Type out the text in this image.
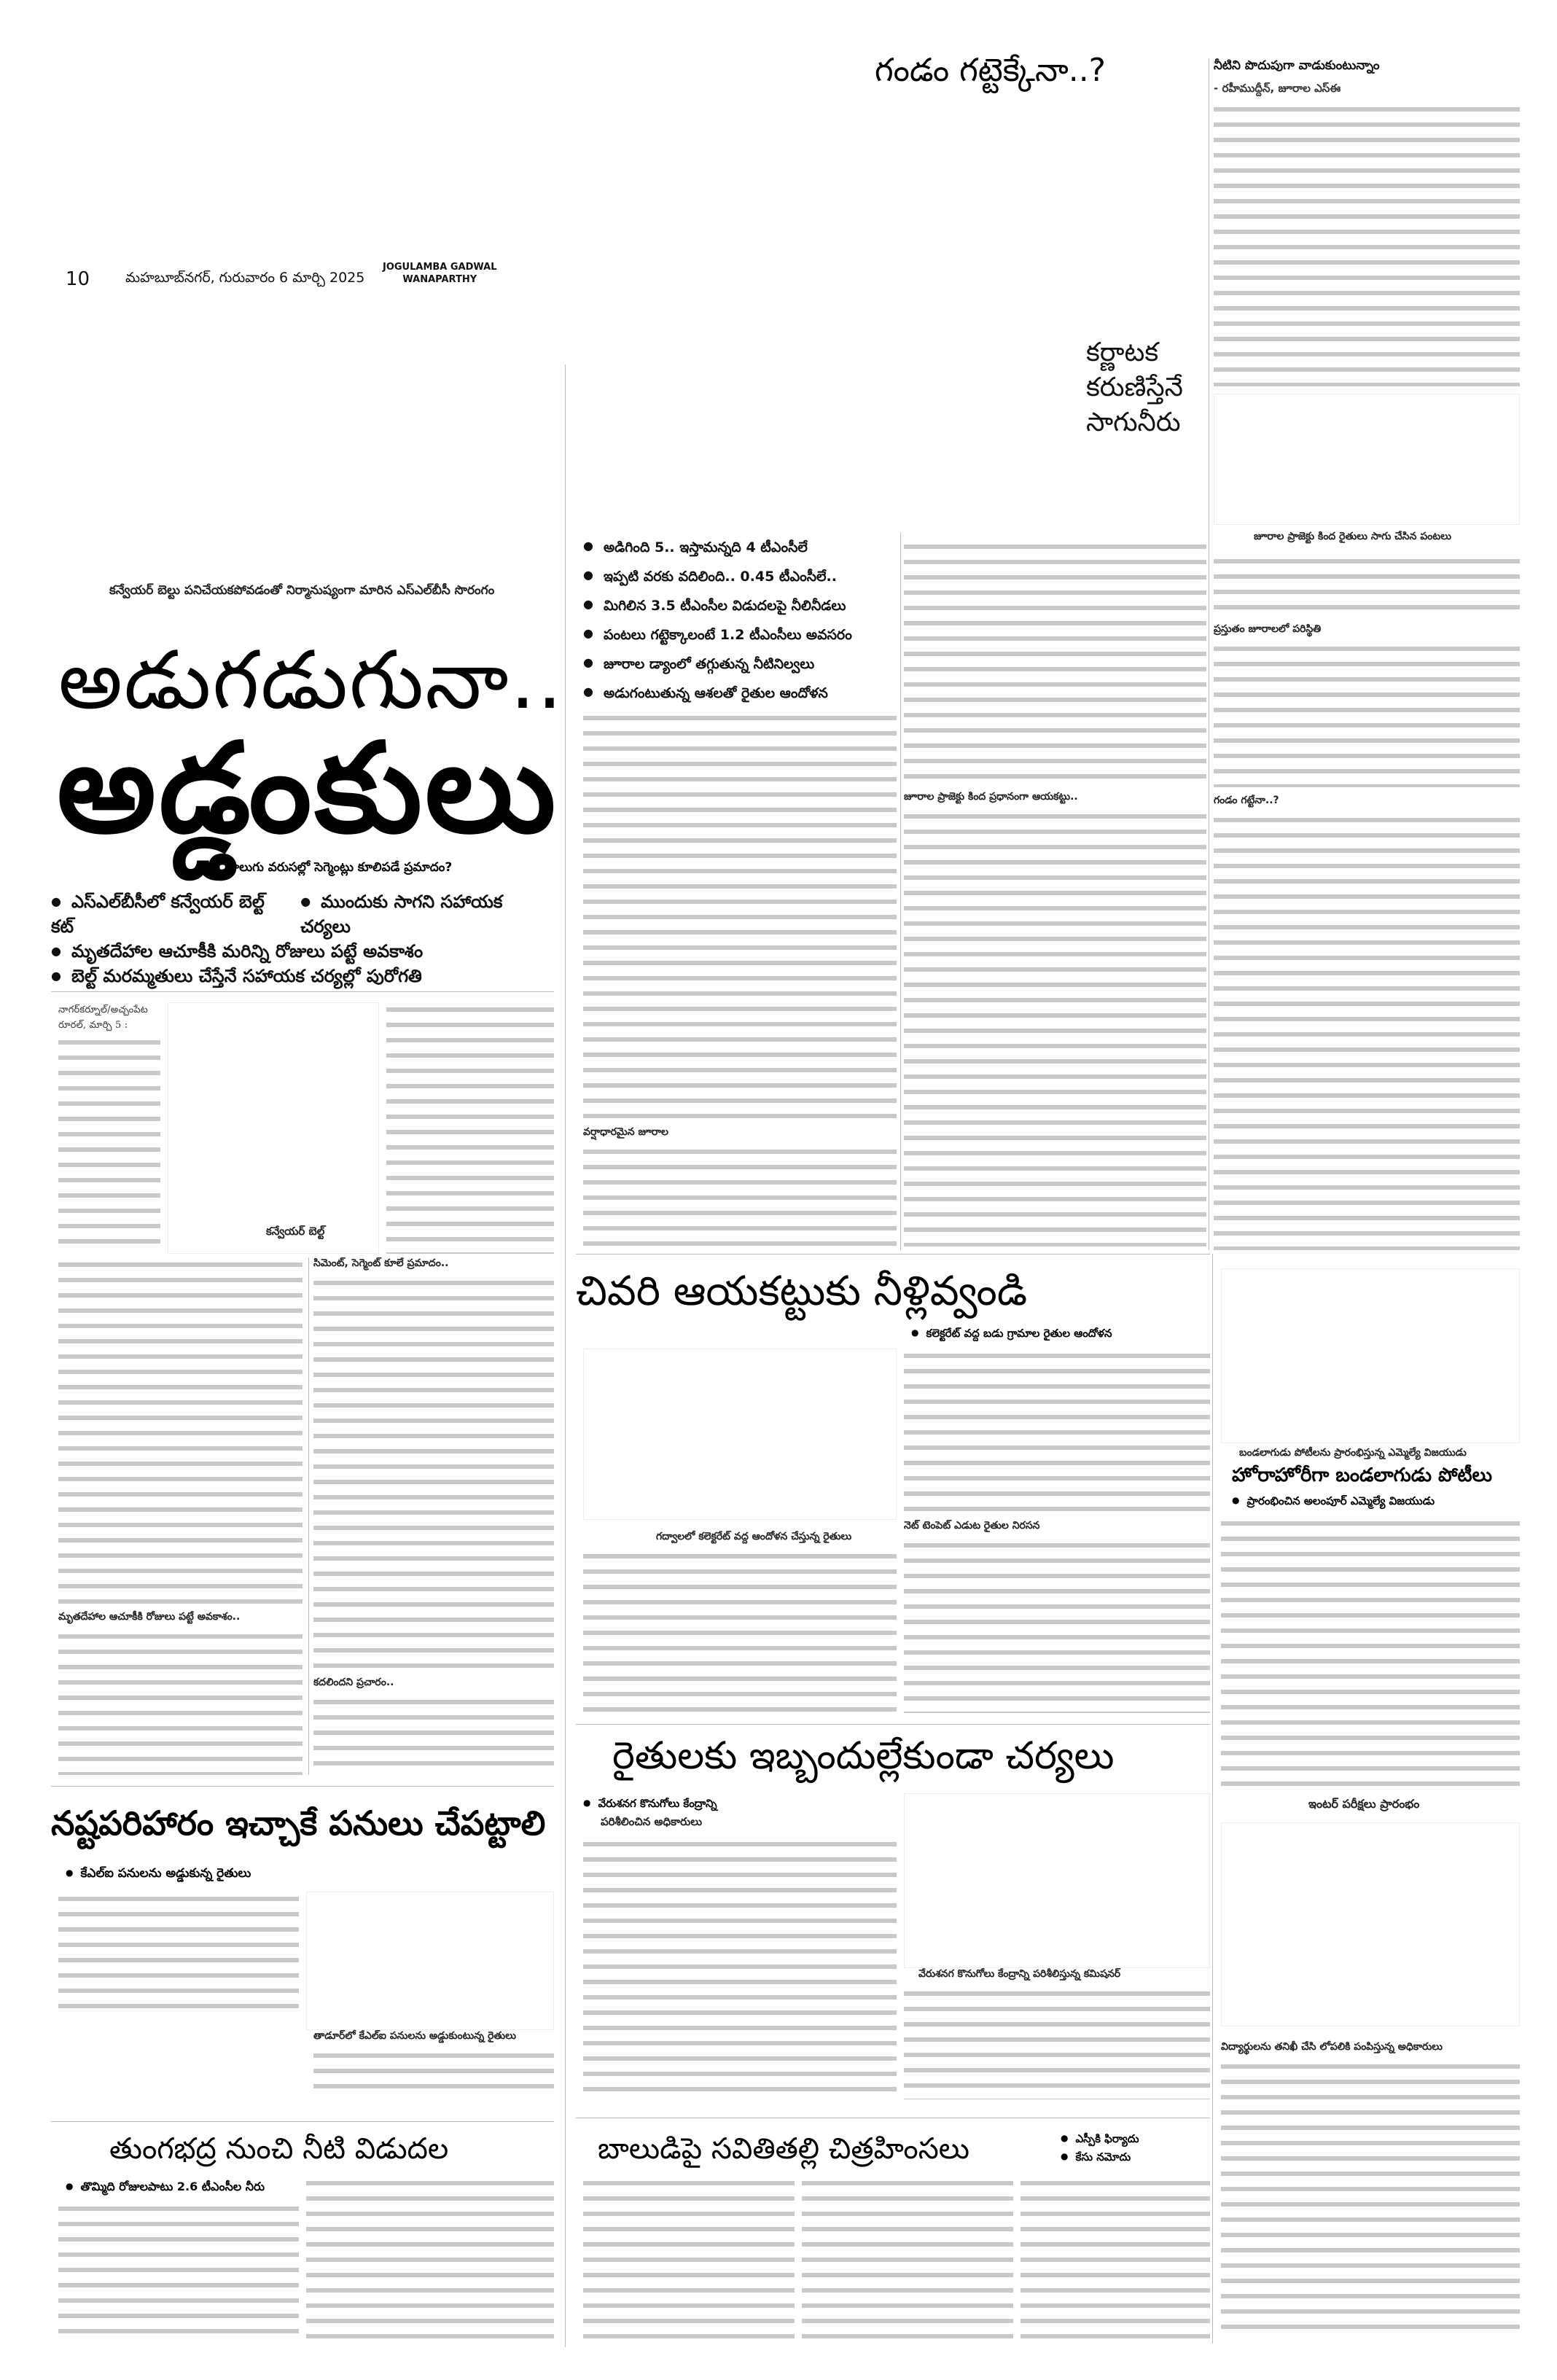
10	మహబూబ్‌నగర్, గురువారం 6 మార్చి 2025
JOGULAMBA GADWAL
WANAPARTHY
కన్వేయర్ బెల్టు పనిచేయకపోవడంతో నిర్మానుష్యంగా మారిన ఎస్ఎల్‌బీసీ సొరంగం
అడుగడుగునా..
అడ్డంకులు
● నాలుగు వరుసల్లో సెగ్మెంట్లు కూలిపడే ప్రమాదం?
● ఎస్ఎల్‌బీసీలో కన్వేయర్ బెల్ట్ కట్
● ముందుకు సాగని సహాయక చర్యలు
● మృతదేహాల ఆచూకీకి మరిన్ని రోజులు పట్టే అవకాశం
● బెల్ట్ మరమ్మతులు చేస్తేనే సహాయక చర్యల్లో పురోగతి
నాగర్‌కర్నూల్/అచ్చంపేట రూరల్, మార్చి 5 :
కన్వేయర్ బెల్ట్
సిమెంట్, సెగ్మెంట్ కూలే ప్రమాదం..
మృతదేహాల ఆచూకీకి రోజులు పట్టే అవకాశం..
కదలిందని ప్రచారం..
నష్టపరిహారం ఇచ్చాకే పనులు చేపట్టాలి
● కేఎల్ఐ పనులను అడ్డుకున్న రైతులు
తాడూర్‌లో కేఎల్ఐ పనులను అడ్డుకుంటున్న రైతులు
తుంగభద్ర నుంచి నీటి విడుదల
● తొమ్మిది రోజులపాటు 2.6 టీఎంసీల నీరు
గండం గట్టెక్కేనా..?	నీటిని పొదుపుగా వాడుకుంటున్నాం
- రహీముద్దీన్, జూరాల ఎస్ఈ
కర్ణాటక
కరుణిస్తేనే
సాగునీరు
జూరాల ప్రాజెక్టు కింద రైతులు సాగు చేసిన పంటలు
● అడిగింది 5.. ఇస్తామన్నది 4 టీఎంసీలే
● ఇప్పటి వరకు వదిలింది.. 0.45 టీఎంసీలే..
● మిగిలిన 3.5 టీఎంసీల విడుదలపై నీలినీడలు
● పంటలు గట్టెక్కాలంటే 1.2 టీఎంసీలు అవసరం
● జూరాల డ్యాంలో తగ్గుతున్న నీటినిల్వలు
● అడుగంటుతున్న ఆశలతో రైతుల ఆందోళన
జూరాల ప్రాజెక్టు కింద ప్రధానంగా ఆయకట్టు..
వర్షాధారమైన జూరాల
ప్రస్తుతం జూరాలలో పరిస్థితి
గండం గట్టేనా..?
చివరి ఆయకట్టుకు నీళ్లివ్వండి
● కలెక్టరేట్ వద్ద బడు గ్రామాల రైతుల ఆందోళన
గద్వాలలో కలెక్టరేట్ వద్ద ఆందోళన చేస్తున్న రైతులు
నెట్ టెంపెట్ ఎడుట రైతుల నిరసన
రైతులకు ఇబ్బందుల్లేకుండా చర్యలు
● వేరుశనగ కొనుగోలు కేంద్రాన్ని
పరిశీలించిన అధికారులు
వేరుశనగ కొనుగోలు కేంద్రాన్ని పరిశీలిస్తున్న కమిషనర్
బాలుడిపై సవితితల్లి చిత్రహింసలు
●	ఎస్పీకి ఫిర్యాదు
● కేసు నమోదు
బండలాగుడు పోటీలను ప్రారంభిస్తున్న ఎమ్మెల్యే విజయుడు
హోరాహోరీగా బండలాగుడు పోటీలు
● ప్రారంభించిన అలంపూర్ ఎమ్మెల్యే విజయుడు
ఇంటర్ పరీక్షలు ప్రారంభం
విద్యార్థులను తనిఖీ చేసి లోపలికి పంపిస్తున్న అధికారులు
